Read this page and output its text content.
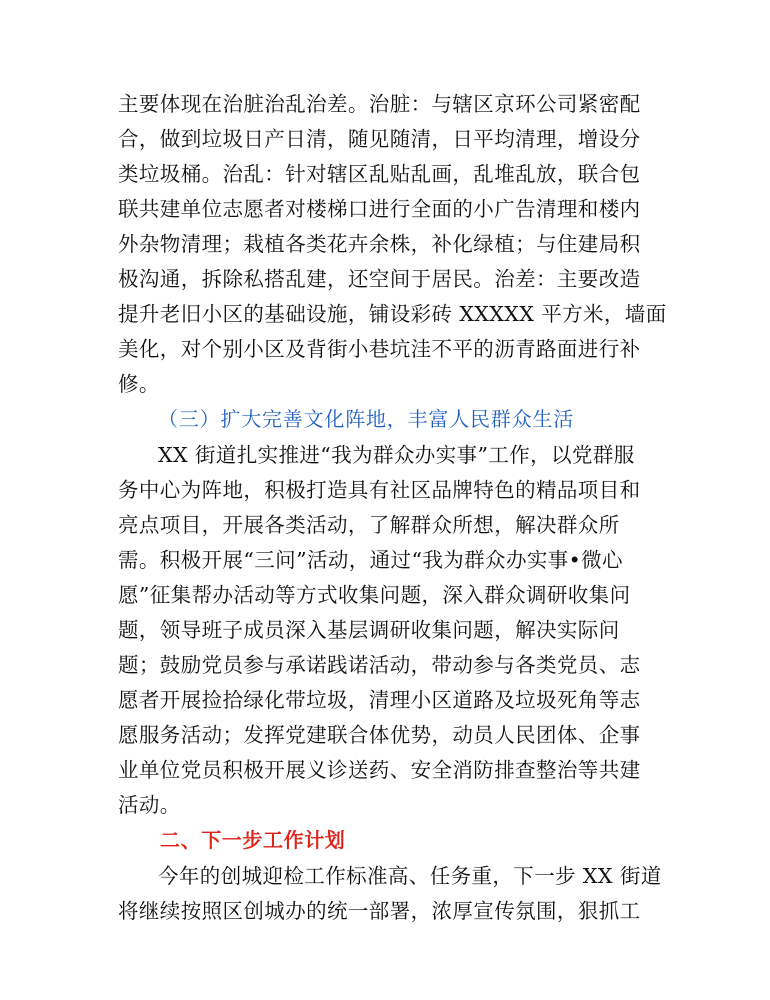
主要体现在治脏治乱治差。治脏：与辖区京环公司紧密配
合，做到垃圾日产日清，随见随清，日平均清理，增设分
类垃圾桶。治乱：针对辖区乱贴乱画，乱堆乱放，联合包
联共建单位志愿者对楼梯口进行全面的小广告清理和楼内
外杂物清理；栽植各类花卉余株，补化绿植；与住建局积
极沟通，拆除私搭乱建，还空间于居民。治差：主要改造
提升老旧小区的基础设施，铺设彩砖 XXXXX 平方米，墙面
美化，对个别小区及背街小巷坑洼不平的沥青路面进行补
修。
（三）扩大完善文化阵地，丰富人民群众生活
XX 街道扎实推进“我为群众办实事”工作，以党群服
务中心为阵地，积极打造具有社区品牌特色的精品项目和
亮点项目，开展各类活动，了解群众所想，解决群众所
需。积极开展“三问”活动，通过“我为群众办实事•微心
愿”征集帮办活动等方式收集问题，深入群众调研收集问
题，领导班子成员深入基层调研收集问题，解决实际问
题；鼓励党员参与承诺践诺活动，带动参与各类党员、志
愿者开展捡拾绿化带垃圾，清理小区道路及垃圾死角等志
愿服务活动；发挥党建联合体优势，动员人民团体、企事
业单位党员积极开展义诊送药、安全消防排查整治等共建
活动。
二、下一步工作计划
今年的创城迎检工作标准高、任务重，下一步 XX 街道
将继续按照区创城办的统一部署，浓厚宣传氛围，狠抓工
